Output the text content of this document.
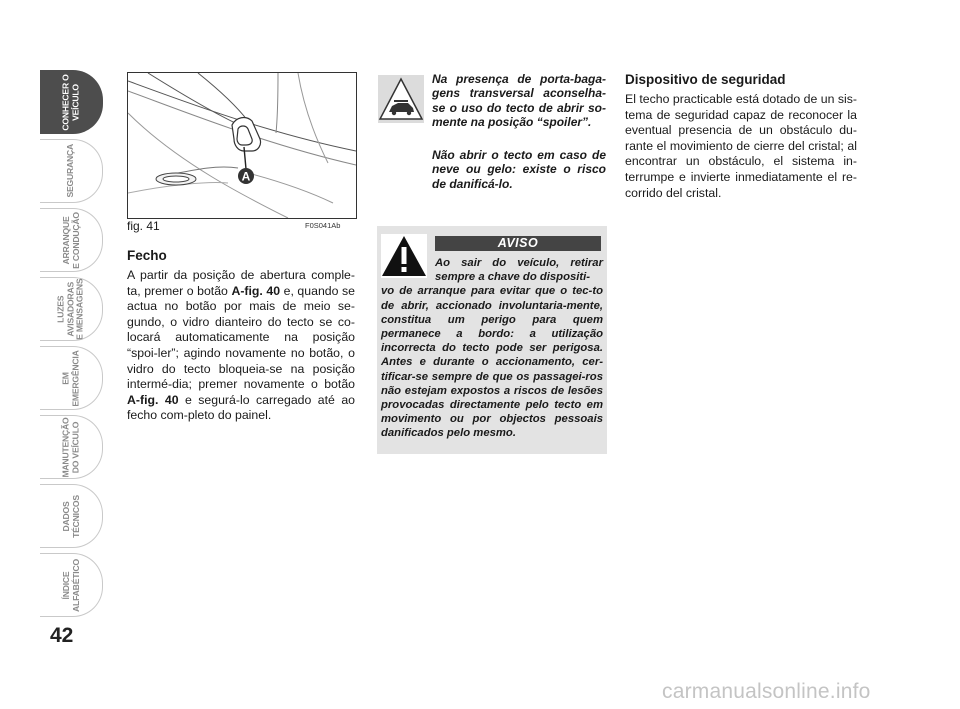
CONHECER O
VEÍCULO
SEGURANÇA
ARRANQUE
E CONDUÇÃO
LUZES
AVISADORAS
E MENSAGENS
EM
EMERGÊNCIA
MANUTENÇÃO
DO VEÍCULO
DADOS
TÉCNICOS
ÍNDICE
ALFABÉTICO
42
A
fig. 41	F0S041Ab

Fecho

A partir da posição de abertura comple-ta, premer o botão A-fig. 40 e, quando se actua no botão por mais de meio se-gundo, o vidro dianteiro do tecto se co-locará automaticamente na posição “spoi-ler”; agindo novamente no botão, o vidro do tecto bloqueia-se na posição intermé-dia; premer novamente o botão A-fig. 40 e segurá-lo carregado até ao fecho com-pleto do painel.

Na presença de porta-baga-gens transversal aconselha-se o uso do tecto de abrir so-mente na posição “spoiler”.

Não abrir o tecto em caso de neve ou gelo: existe o risco de danificá-lo.

AVISO

Ao sair do veículo, retirar sempre a chave do dispositi-
vo de arranque para evitar que o tec-to de abrir, accionado involuntaria-mente, constitua um perigo para quem permanece a bordo: a utilização incorrecta do tecto pode ser perigosa. Antes e durante o accionamento, cer-tificar-se sempre de que os passagei-ros não estejam expostos a riscos de lesões provocadas directamente pelo tecto em movimento ou por objectos pessoais danificados pelo mesmo.

Dispositivo de seguridad

El techo practicable está dotado de un sis-tema de seguridad capaz de reconocer la eventual presencia de un obstáculo du-rante el movimiento de cierre del cristal; al encontrar un obstáculo, el sistema in-terrumpe e invierte inmediatamente el re-corrido del cristal.

carmanualsonline.info
